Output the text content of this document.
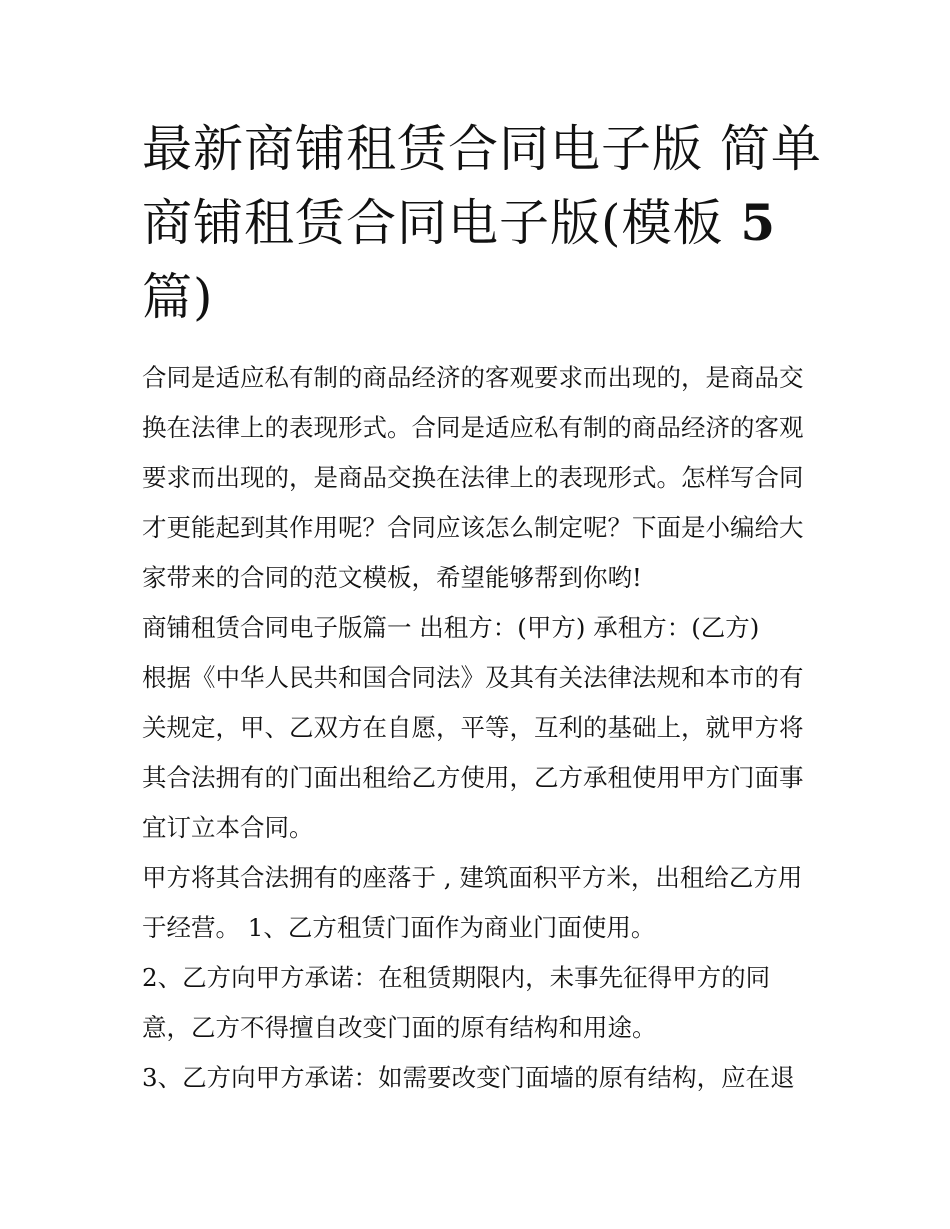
最新商铺租赁合同电子版 简单
商铺租赁合同电子版(模板 5
篇)

合同是适应私有制的商品经济的客观要求而出现的，是商品交
换在法律上的表现形式。合同是适应私有制的商品经济的客观
要求而出现的，是商品交换在法律上的表现形式。怎样写合同
才更能起到其作用呢？合同应该怎么制定呢？下面是小编给大
家带来的合同的范文模板，希望能够帮到你哟!

商铺租赁合同电子版篇一 出租方：(甲方) 承租方：(乙方)

根据《中华人民共和国合同法》及其有关法律法规和本市的有
关规定，甲、乙双方在自愿，平等，互利的基础上，就甲方将
其合法拥有的门面出租给乙方使用，乙方承租使用甲方门面事
宜订立本合同。

甲方将其合法拥有的座落于 , 建筑面积平方米，出租给乙方用
于经营。 1、乙方租赁门面作为商业门面使用。

2、乙方向甲方承诺：在租赁期限内，未事先征得甲方的同
意，乙方不得擅自改变门面的原有结构和用途。

3、乙方向甲方承诺：如需要改变门面墙的原有结构，应在退
